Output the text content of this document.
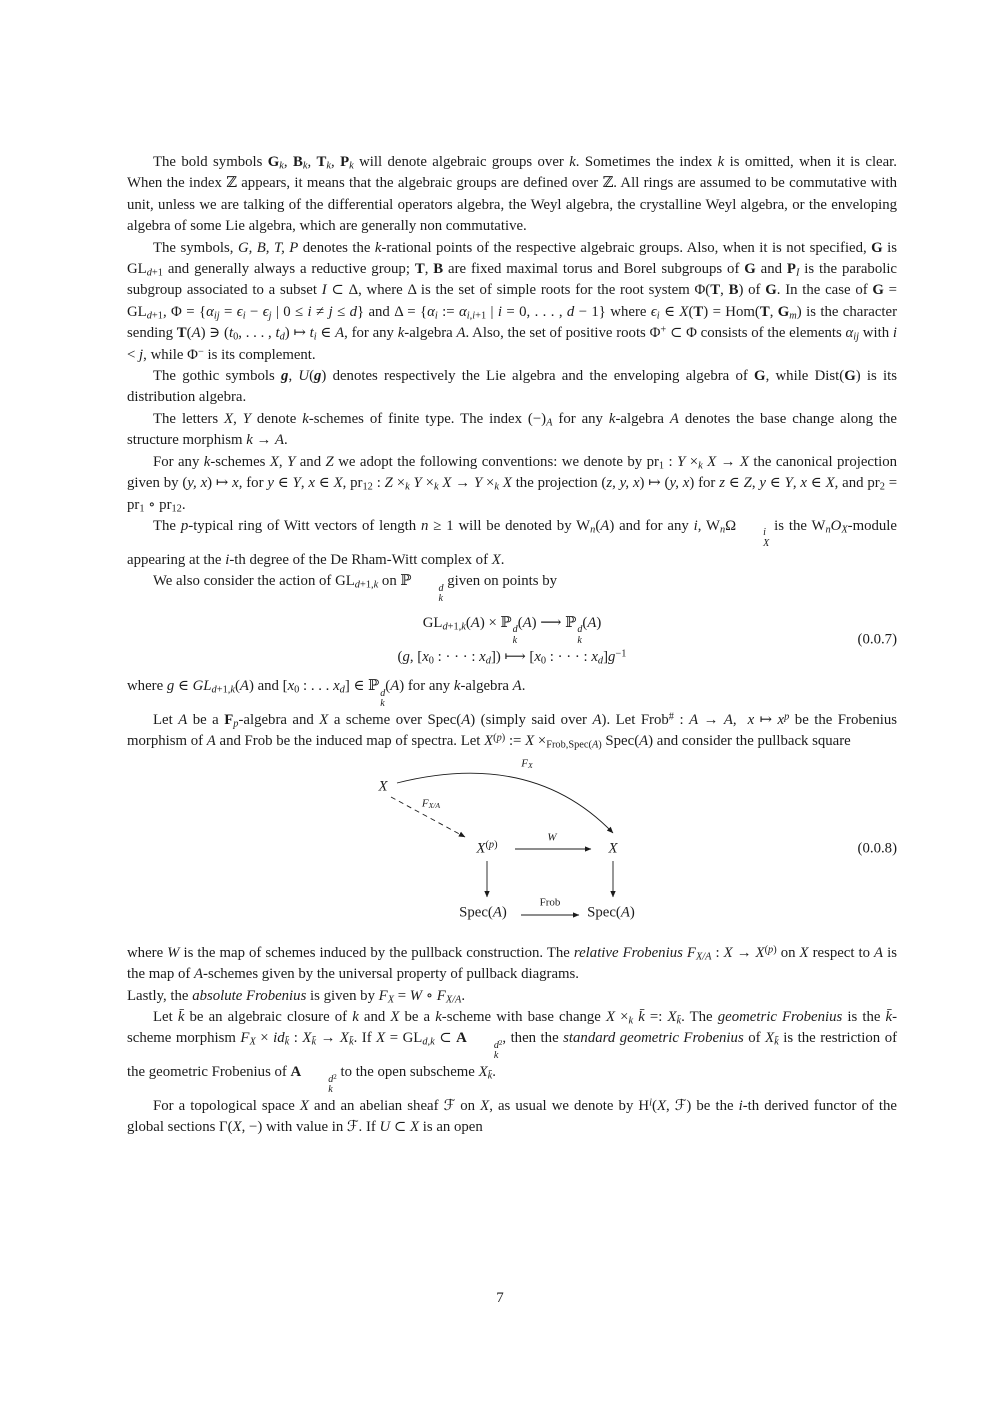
The bold symbols $G_k$, $B_k$, $T_k$, $P_k$ will denote algebraic groups over k. Sometimes the index k is omitted, when it is clear. When the index ℤ appears, it means that the algebraic groups are defined over ℤ. All rings are assumed to be commutative with unit, unless we are talking of the differential operators algebra, the Weyl algebra, the crystalline Weyl algebra, or the enveloping algebra of some Lie algebra, which are generally non commutative.

The symbols, G, B, T, P denotes the k-rational points of the respective algebraic groups. Also, when it is not specified, G is $GL_{d+1}$ and generally always a reductive group; T, B are fixed maximal torus and Borel subgroups of G and $P_I$ is the parabolic subgroup associated to a subset I ⊂ Δ, where Δ is the set of simple roots for the root system Φ(T, B) of G. In the case of $G = GL_{d+1}$, $\Phi = \{\alpha_{ij} = \epsilon_i - \epsilon_j$ | 0 ≤ i ≠ j ≤ d} and $\Delta = \{\alpha_i$ := $\alpha_{i,i+1}$ | i = 0, . . . , d − 1} where $\epsilon_i$ ∈ X(T) = Hom(T, $G_m$) is the character sending T(A) ∋ ($t_0$, . . . , $t_d$) ↦ $t_i$ ∈ A, for any k-algebra A. Also, the set of positive roots Φ+ ⊂ Φ consists of the elements $\alpha_{ij}$ with i < j, while Φ− is its complement.

The gothic symbols g, U(g) denotes respectively the Lie algebra and the enveloping algebra of G, while Dist(G) is its distribution algebra.

The letters X, Y denote k-schemes of finite type. The index $(-)_A$ for any k-algebra A denotes the base change along the structure morphism k → A.

For any k-schemes X, Y and Z we adopt the following conventions: we denote by $pr_1$ : $Y \times_k$ X → X the canonical projection given by (y, x) ↦ x, for y ∈ Y, x ∈ X, $pr_{12}$ : $Z \times_k$ $Y \times_k$ $X \to Y \times_k$ X the projection (z, y, x) ↦ (y, x) for z ∈ Z, y ∈ Y, x ∈ X, and $pr_2 = pr_1$ ∘ $pr_{12}$.

The p-typical ring of Witt vectors of length n ≥ 1 will be denoted by $W_n(A)$ and for any i, $W_n\Omega$	i
X
is the $W_nO_X$-module appearing at the i-th degree of the De Rham-Witt complex of X.

We also consider the action of $GL_{d+1,k}$ on ℙ	d
k
given on points by

$GL_{d+1,k}(A)$ × ℙ d
k
(A) ⟶ ℙ d
k
(A)
(g, [$x_0$ : · · · : $x_d$]) ⟼ [$x_0$ : · · · : $x_d]g^{-1}$
(0.0.7)

where g ∈ $GL_{d+1,k}(A)$ and [$x_0$ : . . . $x_d$] ∈ ℙ d
k
(A) for any k-algebra A.

Let A be a $F_p$-algebra and X a scheme over Spec(A) (simply said over A). Let Frob# : A → A,  x ↦ $x^p$ be the Frobenius morphism of A and Frob be the induced map of spectra. Let $X^{(p)}$ := $X \times_{Frob,Spec(A)}$ Spec(A) and consider the pullback square

X
$F_X$
$F_{X/A}$
$X^{(p)}$
W
X
Spec(A)
Frob
Spec(A)
(0.0.8)

where W is the map of schemes induced by the pullback construction. The relative Frobenius $F_{X/A}$ : $X \to X^{(p)}$ on X respect to A is the map of A-schemes given by the universal property of pullback diagrams.

Lastly, the absolute Frobenius is given by $F_X = W$ ∘ $F_{X/A}$.

Let k̄ be an algebraic closure of k and X be a k-scheme with base change $X \times_k$ k̄ =: $X_{k̄}$. The geometric Frobenius is the k̄-scheme morphism $F_X \times id_{k̄}$ : $X_{k̄} \to X_{k̄}$. If $X = GL_{d,k}$ ⊂ A	$d^2$
k
, then the standard geometric Frobenius of $X_{k̄}$ is the restriction of the geometric Frobenius of A	$d^2$
k
to the open subscheme $X_{k̄}$.

For a topological space X and an abelian sheaf ℱ on X, as usual we denote by $H^i(X$, ℱ) be the i-th derived functor of the global sections Γ(X, −) with value in ℱ. If U ⊂ X is an open

7
